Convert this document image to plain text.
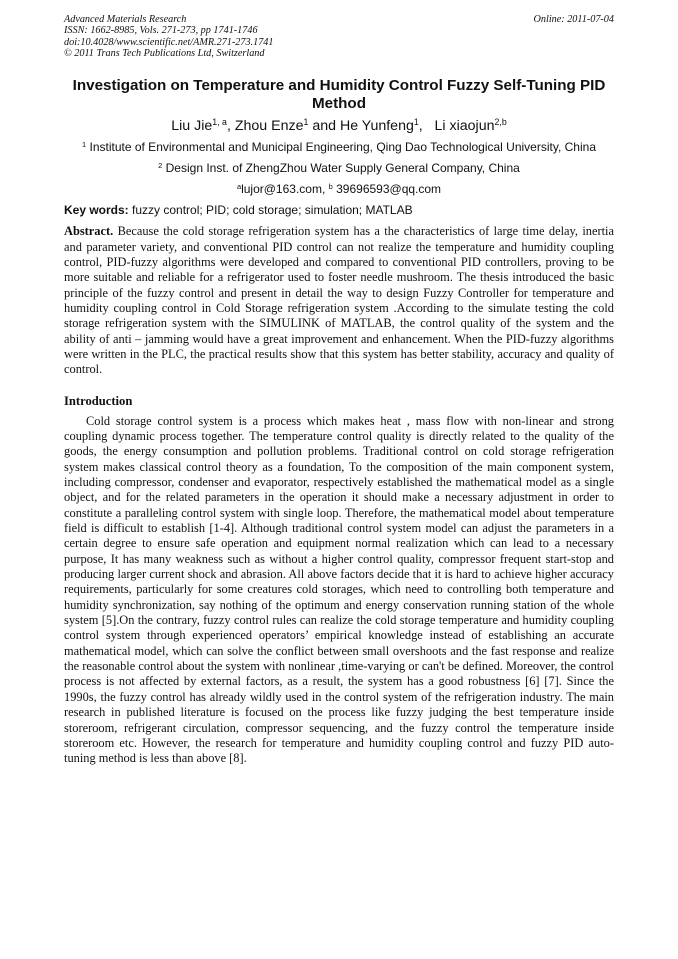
Advanced Materials Research
ISSN: 1662-8985, Vols. 271-273, pp 1741-1746
doi:10.4028/www.scientific.net/AMR.271-273.1741
© 2011 Trans Tech Publications Ltd, Switzerland
Online: 2011-07-04
Investigation on Temperature and Humidity Control Fuzzy Self-Tuning PID Method
Liu Jie$^{1, a}$, Zhou Enze$^1$ and He Yunfeng$^1$,   Li xiaojun$^{2,b}$
$^1$ Institute of Environmental and Municipal Engineering, Qing Dao Technological University, China
$^2$ Design Inst. of ZhengZhou Water Supply General Company, China
$^a$lujor@163.com, $^b$ 39696593@qq.com
Key words: fuzzy control; PID; cold storage; simulation; MATLAB
Abstract. Because the cold storage refrigeration system has a the characteristics of large time delay, inertia and parameter variety, and conventional PID control can not realize the temperature and humidity coupling control, PID-fuzzy algorithms were developed and compared to conventional PID controllers, proving to be more suitable and reliable for a refrigerator used to foster needle mushroom. The thesis introduced the basic principle of the fuzzy control and present in detail the way to design Fuzzy Controller for temperature and humidity coupling control in Cold Storage refrigeration system .According to the simulate testing the cold storage refrigeration system with the SIMULINK of MATLAB, the control quality of the system and the ability of anti – jamming would have a great improvement and enhancement. When the PID-fuzzy algorithms were written in the PLC, the practical results show that this system has better stability, accuracy and quality of control.
Introduction
Cold storage control system is a process which makes heat , mass flow with non-linear and strong coupling dynamic process together. The temperature control quality is directly related to the quality of the goods, the energy consumption and pollution problems. Traditional control on cold storage refrigeration system makes classical control theory as a foundation, To the composition of the main component system, including compressor, condenser and evaporator, respectively established the mathematical model as a single object, and for the related parameters in the operation it should make a necessary adjustment in order to constitute a paralleling control system with single loop. Therefore, the mathematical model about temperature field is difficult to establish [1-4]. Although traditional control system model can adjust the parameters in a certain degree to ensure safe operation and equipment normal realization which can lead to a necessary purpose, It has many weakness such as without a higher control quality, compressor frequent start-stop and producing larger current shock and abrasion. All above factors decide that it is hard to achieve higher accuracy requirements, particularly for some creatures cold storages, which need to controlling both temperature and humidity synchronization, say nothing of the optimum and energy conservation running station of the whole system [5].On the contrary, fuzzy control rules can realize the cold storage temperature and humidity coupling control system through experienced operators’ empirical knowledge instead of establishing an accurate mathematical model, which can solve the conflict between small overshoots and the fast response and realize the reasonable control about the system with nonlinear ,time-varying or can't be defined. Moreover, the control process is not affected by external factors, as a result, the system has a good robustness [6] [7]. Since the 1990s, the fuzzy control has already wildly used in the control system of the refrigeration industry. The main research in published literature is focused on the process like fuzzy judging the best temperature inside storeroom, refrigerant circulation, compressor sequencing, and the fuzzy control the temperature inside storeroom etc. However, the research for temperature and humidity coupling control and fuzzy PID auto-tuning method is less than above [8].
